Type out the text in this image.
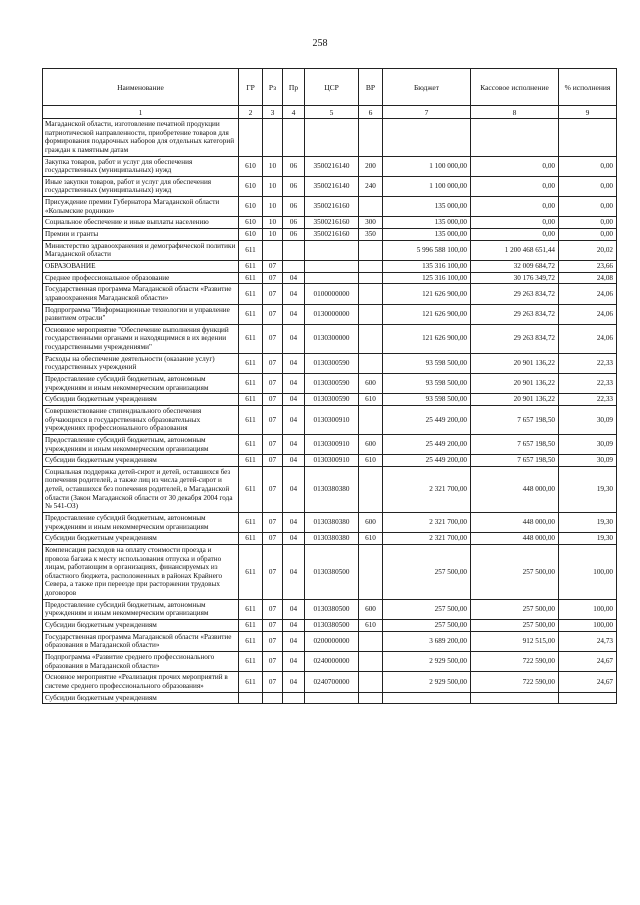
258
Наименование	ГР	Рз	Пр	ЦСР	ВР	Бюджет	Кассовое исполнение	% исполнения
1	2	3	4	5	6	7	8	9
Магаданской области, изготовление печатной продукции патриотической направленности, приобретение товаров для формирования подарочных наборов для отдельных категорий граждан к памятным датам								
Закупка товаров, работ и услуг для обеспечения государственных (муниципальных) нужд	610	10	06	3500216140	200	1 100 000,00	0,00	0,00
Иные закупки товаров, работ и услуг для обеспечения государственных (муниципальных) нужд	610	10	06	3500216140	240	1 100 000,00	0,00	0,00
Присуждение премии Губернатора Магаданской области «Колымские родники»	610	10	06	3500216160		135 000,00	0,00	0,00
Социальное обеспечение и иные выплаты населению	610	10	06	3500216160	300	135 000,00	0,00	0,00
Премии и гранты	610	10	06	3500216160	350	135 000,00	0,00	0,00
Министерство здравоохранения и демографической политики Магаданской области	611					5 996 588 100,00	1 200 468 651,44	20,02
ОБРАЗОВАНИЕ	611	07				135 316 100,00	32 009 684,72	23,66
Среднее профессиональное образование	611	07	04			125 316 100,00	30 176 349,72	24,08
Государственная программа Магаданской области «Развитие здравоохранения Магаданской области»	611	07	04	0100000000		121 626 900,00	29 263 834,72	24,06
Подпрограмма "Информационные технологии и управление развитием отрасли"	611	07	04	0130000000		121 626 900,00	29 263 834,72	24,06
Основное мероприятие "Обеспечение выполнения функций государственными органами и находящимися в их ведении государственными учреждениями"	611	07	04	0130300000		121 626 900,00	29 263 834,72	24,06
Расходы на обеспечение деятельности (оказание услуг) государственных учреждений	611	07	04	0130300590		93 598 500,00	20 901 136,22	22,33
Предоставление субсидий бюджетным, автономным учреждениям и иным некоммерческим организациям	611	07	04	0130300590	600	93 598 500,00	20 901 136,22	22,33
Субсидии бюджетным учреждениям	611	07	04	0130300590	610	93 598 500,00	20 901 136,22	22,33
Совершенствование стипендиального обеспечения обучающихся в государственных образовательных учреждениях профессионального образования	611	07	04	0130300910		25 449 200,00	7 657 198,50	30,09
Предоставление субсидий бюджетным, автономным учреждениям и иным некоммерческим организациям	611	07	04	0130300910	600	25 449 200,00	7 657 198,50	30,09
Субсидии бюджетным учреждениям	611	07	04	0130300910	610	25 449 200,00	7 657 198,50	30,09
Социальная поддержка детей-сирот и детей, оставшихся без попечения родителей, а также лиц из числа детей-сирот и детей, оставшихся без попечения родителей, в Магаданской области (Закон Магаданской области от 30 декабря 2004 года № 541-ОЗ)	611	07	04	0130380380		2 321 700,00	448 000,00	19,30
Предоставление субсидий бюджетным, автономным учреждениям и иным некоммерческим организациям	611	07	04	0130380380	600	2 321 700,00	448 000,00	19,30
Субсидии бюджетным учреждениям	611	07	04	0130380380	610	2 321 700,00	448 000,00	19,30
Компенсация расходов на оплату стоимости проезда и провоза багажа к месту использования отпуска и обратно лицам, работающим в организациях, финансируемых из областного бюджета, расположенных в районах Крайнего Севера, а также при переезде при расторжении трудовых договоров	611	07	04	0130380500		257 500,00	257 500,00	100,00
Предоставление субсидий бюджетным, автономным учреждениям и иным некоммерческим организациям	611	07	04	0130380500	600	257 500,00	257 500,00	100,00
Субсидии бюджетным учреждениям	611	07	04	0130380500	610	257 500,00	257 500,00	100,00
Государственная программа Магаданской области «Развитие образования в Магаданской области»	611	07	04	0200000000		3 689 200,00	912 515,00	24,73
Подпрограмма «Развитие среднего профессионального образования в Магаданской области»	611	07	04	0240000000		2 929 500,00	722 590,00	24,67
Основное мероприятие «Реализация прочих мероприятий в системе среднего профессионального образования»	611	07	04	0240700000		2 929 500,00	722 590,00	24,67
Субсидии бюджетным учреждениям								
